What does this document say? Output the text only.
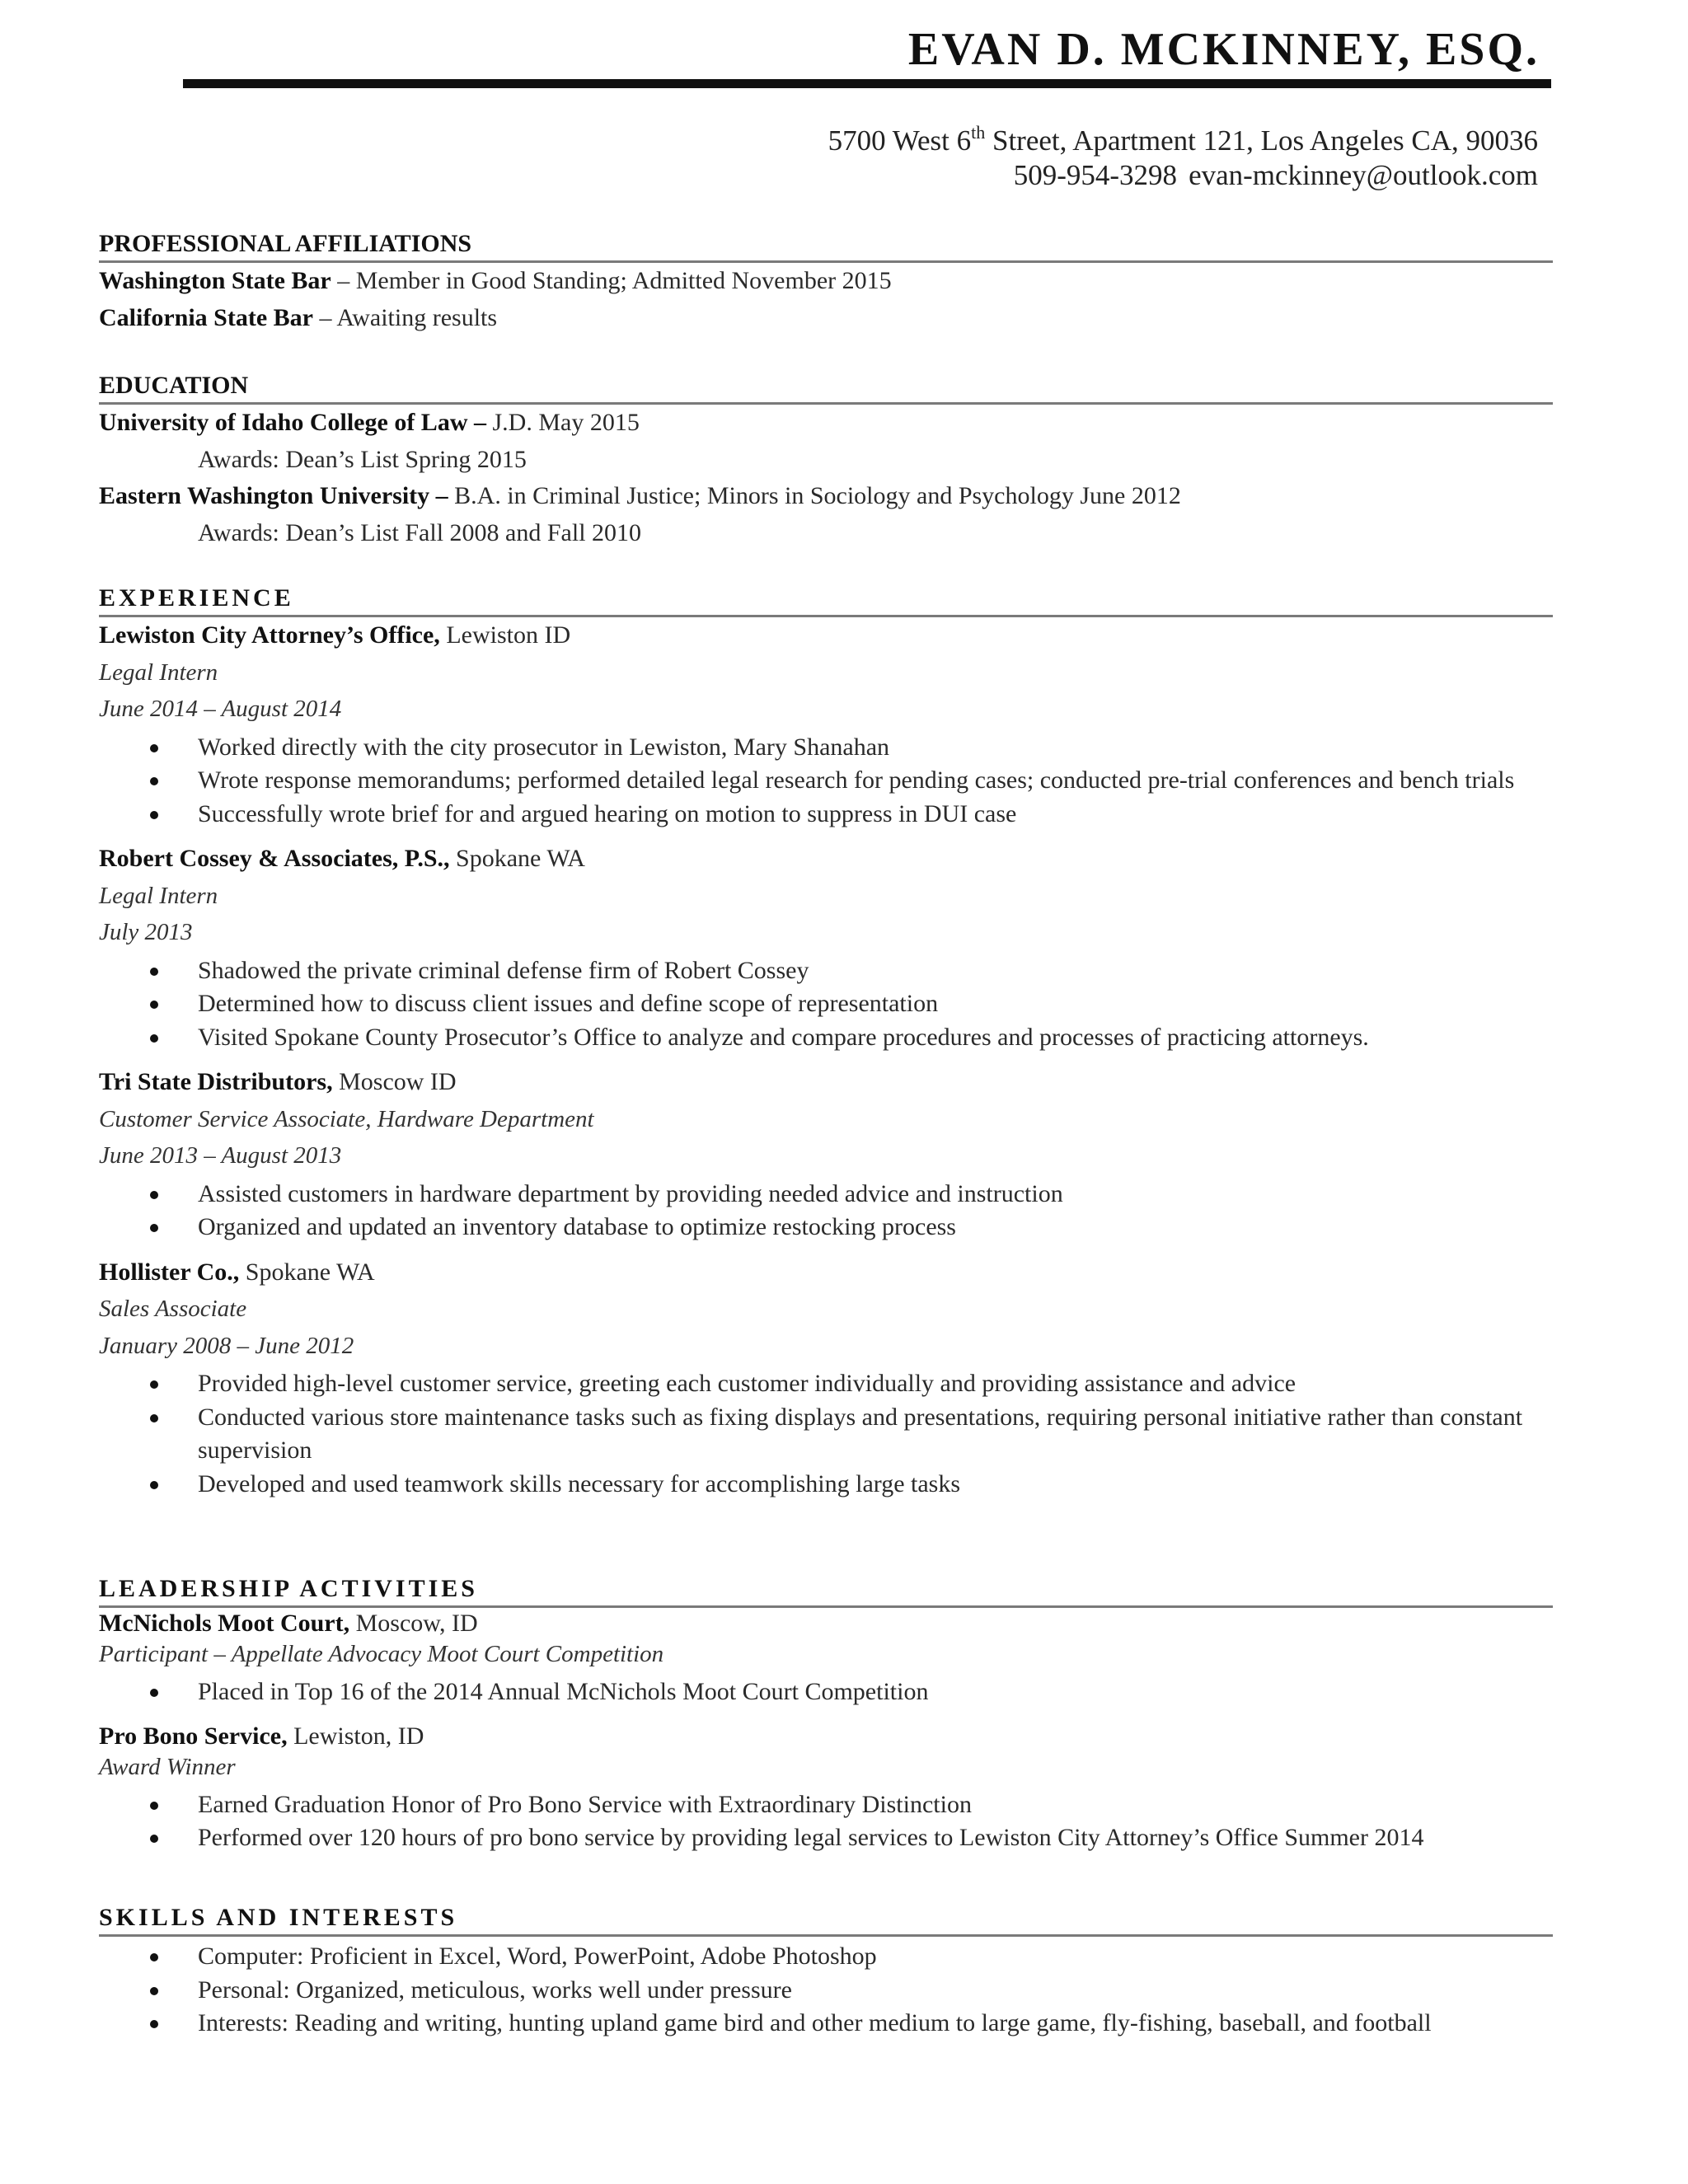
EVAN D. MCKINNEY, ESQ.
5700 West 6th Street, Apartment 121, Los Angeles CA, 90036
509-954-3298 evan-mckinney@outlook.com
PROFESSIONAL AFFILIATIONS
Washington State Bar – Member in Good Standing; Admitted November 2015
California State Bar – Awaiting results
EDUCATION
University of Idaho College of Law – J.D. May 2015
Awards: Dean’s List Spring 2015
Eastern Washington University – B.A. in Criminal Justice; Minors in Sociology and Psychology June 2012
Awards: Dean’s List Fall 2008 and Fall 2010
EXPERIENCE
Lewiston City Attorney’s Office, Lewiston ID
Legal Intern
June 2014 – August 2014
Worked directly with the city prosecutor in Lewiston, Mary Shanahan
Wrote response memorandums; performed detailed legal research for pending cases; conducted pre-trial conferences and bench trials
Successfully wrote brief for and argued hearing on motion to suppress in DUI case
Robert Cossey & Associates, P.S., Spokane WA
Legal Intern
July 2013
Shadowed the private criminal defense firm of Robert Cossey
Determined how to discuss client issues and define scope of representation
Visited Spokane County Prosecutor’s Office to analyze and compare procedures and processes of practicing attorneys.
Tri State Distributors, Moscow ID
Customer Service Associate, Hardware Department
June 2013 – August 2013
Assisted customers in hardware department by providing needed advice and instruction
Organized and updated an inventory database to optimize restocking process
Hollister Co., Spokane WA
Sales Associate
January 2008 – June 2012
Provided high-level customer service, greeting each customer individually and providing assistance and advice
Conducted various store maintenance tasks such as fixing displays and presentations, requiring personal initiative rather than constant supervision
Developed and used teamwork skills necessary for accomplishing large tasks
LEADERSHIP ACTIVITIES
McNichols Moot Court, Moscow, ID
Participant – Appellate Advocacy Moot Court Competition
Placed in Top 16 of the 2014 Annual McNichols Moot Court Competition
Pro Bono Service, Lewiston, ID
Award Winner
Earned Graduation Honor of Pro Bono Service with Extraordinary Distinction
Performed over 120 hours of pro bono service by providing legal services to Lewiston City Attorney’s Office Summer 2014
SKILLS AND INTERESTS
Computer: Proficient in Excel, Word, PowerPoint, Adobe Photoshop
Personal: Organized, meticulous, works well under pressure
Interests: Reading and writing, hunting upland game bird and other medium to large game, fly-fishing, baseball, and football
